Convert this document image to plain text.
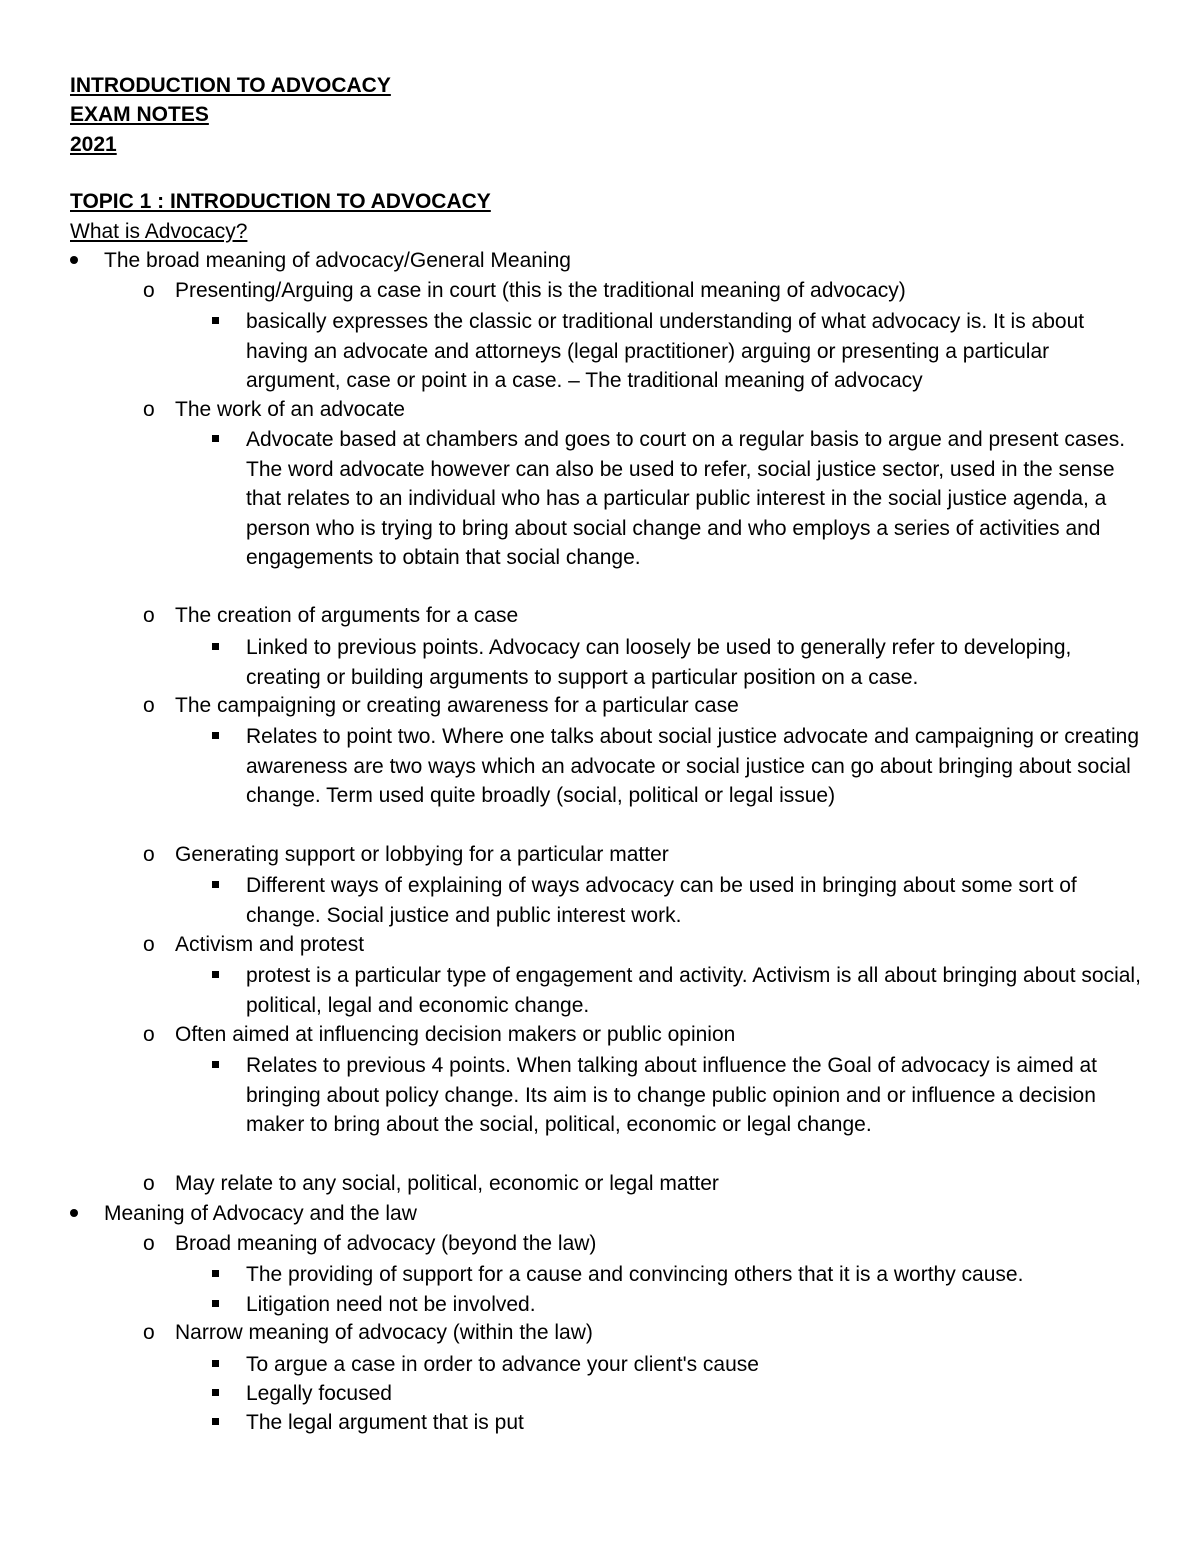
INTRODUCTION TO ADVOCACY
EXAM NOTES
2021
TOPIC 1 : INTRODUCTION TO ADVOCACY
What is Advocacy?
The broad meaning of advocacy/General Meaning
o Presenting/Arguing a case in court (this is the traditional meaning of advocacy)
basically expresses the classic or traditional understanding of what advocacy is. It is about having an advocate and attorneys (legal practitioner) arguing or presenting a particular argument, case or point in a case. – The traditional meaning of advocacy
o The work of an advocate
Advocate based at chambers and goes to court on a regular basis to argue and present cases. The word advocate however can also be used to refer, social justice sector, used in the sense that relates to an individual who has a particular public interest in the social justice agenda, a person who is trying to bring about social change and who employs a series of activities and engagements to obtain that social change.
o The creation of arguments for a case
Linked to previous points. Advocacy can loosely be used to generally refer to developing, creating or building arguments to support a particular position on a case.
o The campaigning or creating awareness for a particular case
Relates to point two. Where one talks about social justice advocate and campaigning or creating awareness are two ways which an advocate or social justice can go about bringing about social change. Term used quite broadly (social, political or legal issue)
o Generating support or lobbying for a particular matter
Different ways of explaining of ways advocacy can be used in bringing about some sort of change. Social justice and public interest work.
o Activism and protest
protest is a particular type of engagement and activity. Activism is all about bringing about social, political, legal and economic change.
o Often aimed at influencing decision makers or public opinion
Relates to previous 4 points. When talking about influence the Goal of advocacy is aimed at bringing about policy change. Its aim is to change public opinion and or influence a decision maker to bring about the social, political, economic or legal change.
o May relate to any social, political, economic or legal matter
Meaning of Advocacy and the law
o Broad meaning of advocacy (beyond the law)
The providing of support for a cause and convincing others that it is a worthy cause.
Litigation need not be involved.
o Narrow meaning of advocacy (within the law)
To argue a case in order to advance your client's cause
Legally focused
The legal argument that is put
